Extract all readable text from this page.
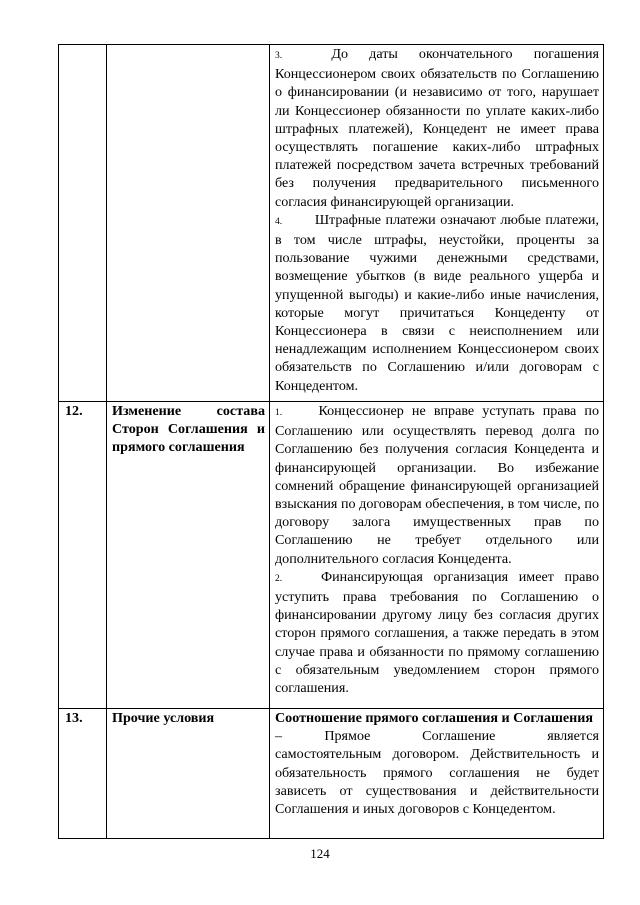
		3.   До даты окончательного погашения Концессионером своих обязательств по Соглашению о финансировании (и независимо от того, нарушает ли Концессионер обязанности по уплате каких-либо штрафных платежей), Концедент не имеет права осуществлять погашение каких-либо штрафных платежей посредством зачета встречных требований без получения предварительного письменного согласия финансирующей организации.

4.   Штрафные платежи означают любые платежи, в том числе штрафы, неустойки, проценты за пользование чужими денежными средствами, возмещение убытков (в виде реального ущерба и упущенной выгоды) и какие-либо иные начисления, которые могут причитаться Концеденту от Концессионера в связи с неисполнением или ненадлежащим исполнением Концессионером своих обязательств по Соглашению и/или договорам с Концедентом.

12.	Изменение состава Сторон Соглашения и прямого соглашения	1.   Концессионер не вправе уступать права по Соглашению или осуществлять перевод долга по Соглашению без получения согласия Концедента и финансирующей организации. Во избежание сомнений обращение финансирующей организацией взыскания по договорам обеспечения, в том числе, по договору залога имущественных прав по Соглашению не требует отдельного или дополнительного согласия Концедента.

2.   Финансирующая организация имеет право уступить права требования по Соглашению о финансировании другому лицу без согласия других сторон прямого соглашения, а также передать в этом случае права и обязанности по прямому соглашению с обязательным уведомлением сторон прямого соглашения.

13.	Прочие условия	Соотношение прямого соглашения и Соглашения

–    Прямое Соглашение является самостоятельным договором. Действительность и обязательность прямого соглашения не будет зависеть от существования и действительности Соглашения и иных договоров с Концедентом.

124
